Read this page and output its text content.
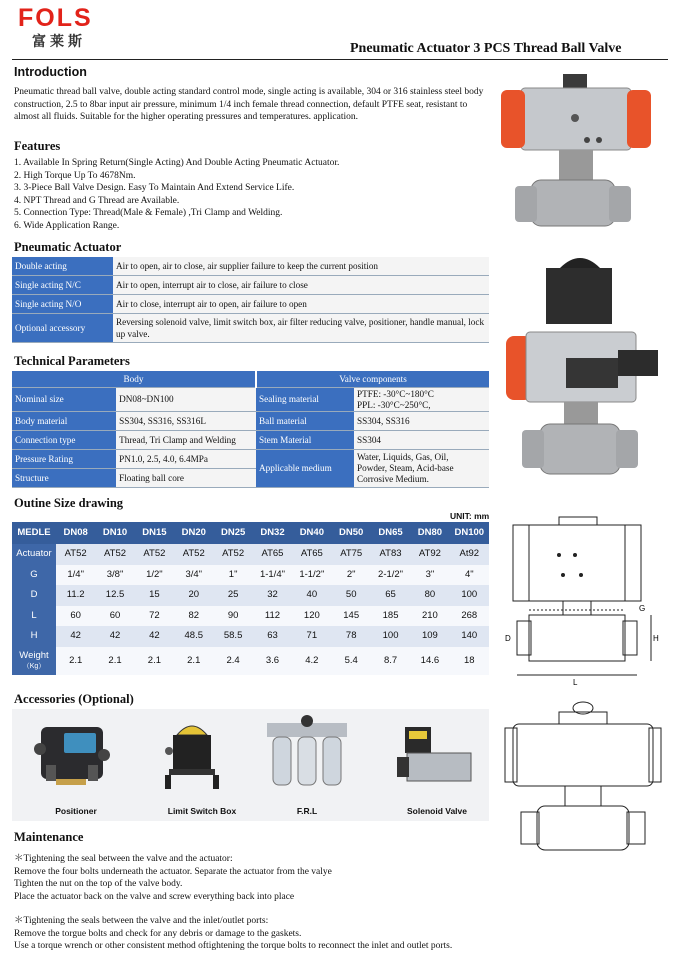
FOLS
富莱斯	Pneumatic Actuator 3 PCS Thread Ball Valve
Introduction
Pneumatic thread ball valve, double acting standard control mode, single acting is available, 304 or 316 stainless steel body construction, 2.5 to 8bar input air pressure, minimum 1/4 inch female thread connection, default PTFE seat, resistant to almost all fluids. Suitable for the higher operating pressures and temperatures. application.
Features
1. Available In Spring Return(Single Acting) And Double Acting Pneumatic Actuator.
2. High Torque Up To 4678Nm.
3. 3-Piece Ball Valve Design. Easy To Maintain And Extend Service Life.
4. NPT Thread and G Thread are Available.
5. Connection Type: Thread(Male & Female) ,Tri Clamp and Welding.
6. Wide Application Range.
Pneumatic Actuator
Double acting	Air to open, air to close, air supplier failure to keep the current position
Single acting N/C	Air to open, interrupt air to close, air failure to close
Single acting N/O	Air to close, interrupt air to open, air failure to open
Optional accessory	Reversing solenoid valve, limit switch box, air filter reducing valve, positioner, handle manual, lock up valve.
Technical Parameters
Body		Valve components	
Nominal size	DN08~DN100	Sealing material	PTFE: -30°C~180°C
PPL: -30°C~250°C,

Body material	SS304, SS316, SS316L	Ball material	SS304, SS316
Connection type	Thread, Tri Clamp and Welding	Stem Material	SS304
Pressure Rating	PN1.0, 2.5, 4.0, 6.4MPa	Applicable medium	Water, Liquids, Gas, Oil,
Powder, Steam, Acid-base
Corrosive Medium.

Structure	Floating ball core		
Outine Size drawing
UNIT: mm
MEDLE	DN08	DN10	DN15	DN20	DN25	DN32	DN40	DN50	DN65	DN80	DN100
Actuator	AT52	AT52	AT52	AT52	AT52	AT65	AT65	AT75	AT83	AT92	At92
G	1/4"	3/8"	1/2"	3/4"	1"	1-1/4"	1-1/2"	2"	2-1/2"	3"	4"
D	11.2	12.5	15	20	25	32	40	50	65	80	100
L	60	60	72	82	90	112	120	145	185	210	268
H	42	42	42	48.5	58.5	63	71	78	100	109	140
Weight
（Kg）
2.1	2.1	2.1	2.1	2.4	3.6	4.2	5.4	8.7	14.6	18
Accessories (Optional)
Positioner	Limit Switch Box	F.R.L	Solenoid Valve
Maintenance
＊Tightening the seal between the valve and the actuator:
Remove the four bolts underneath the actuator. Separate the actuator from the valye
Tighten the nut on the top of the valve body.
Place the actuator back on the valve and screw everything back into place
＊Tightening the seals between the valve and the inlet/outlet ports:
Remove the torgue bolts and check for any debris or damage to the gaskets.
Use a torque wrench or other consistent method oftightening the torque bolts to reconnect the inlet and outlet ports.
G
H
D
L
